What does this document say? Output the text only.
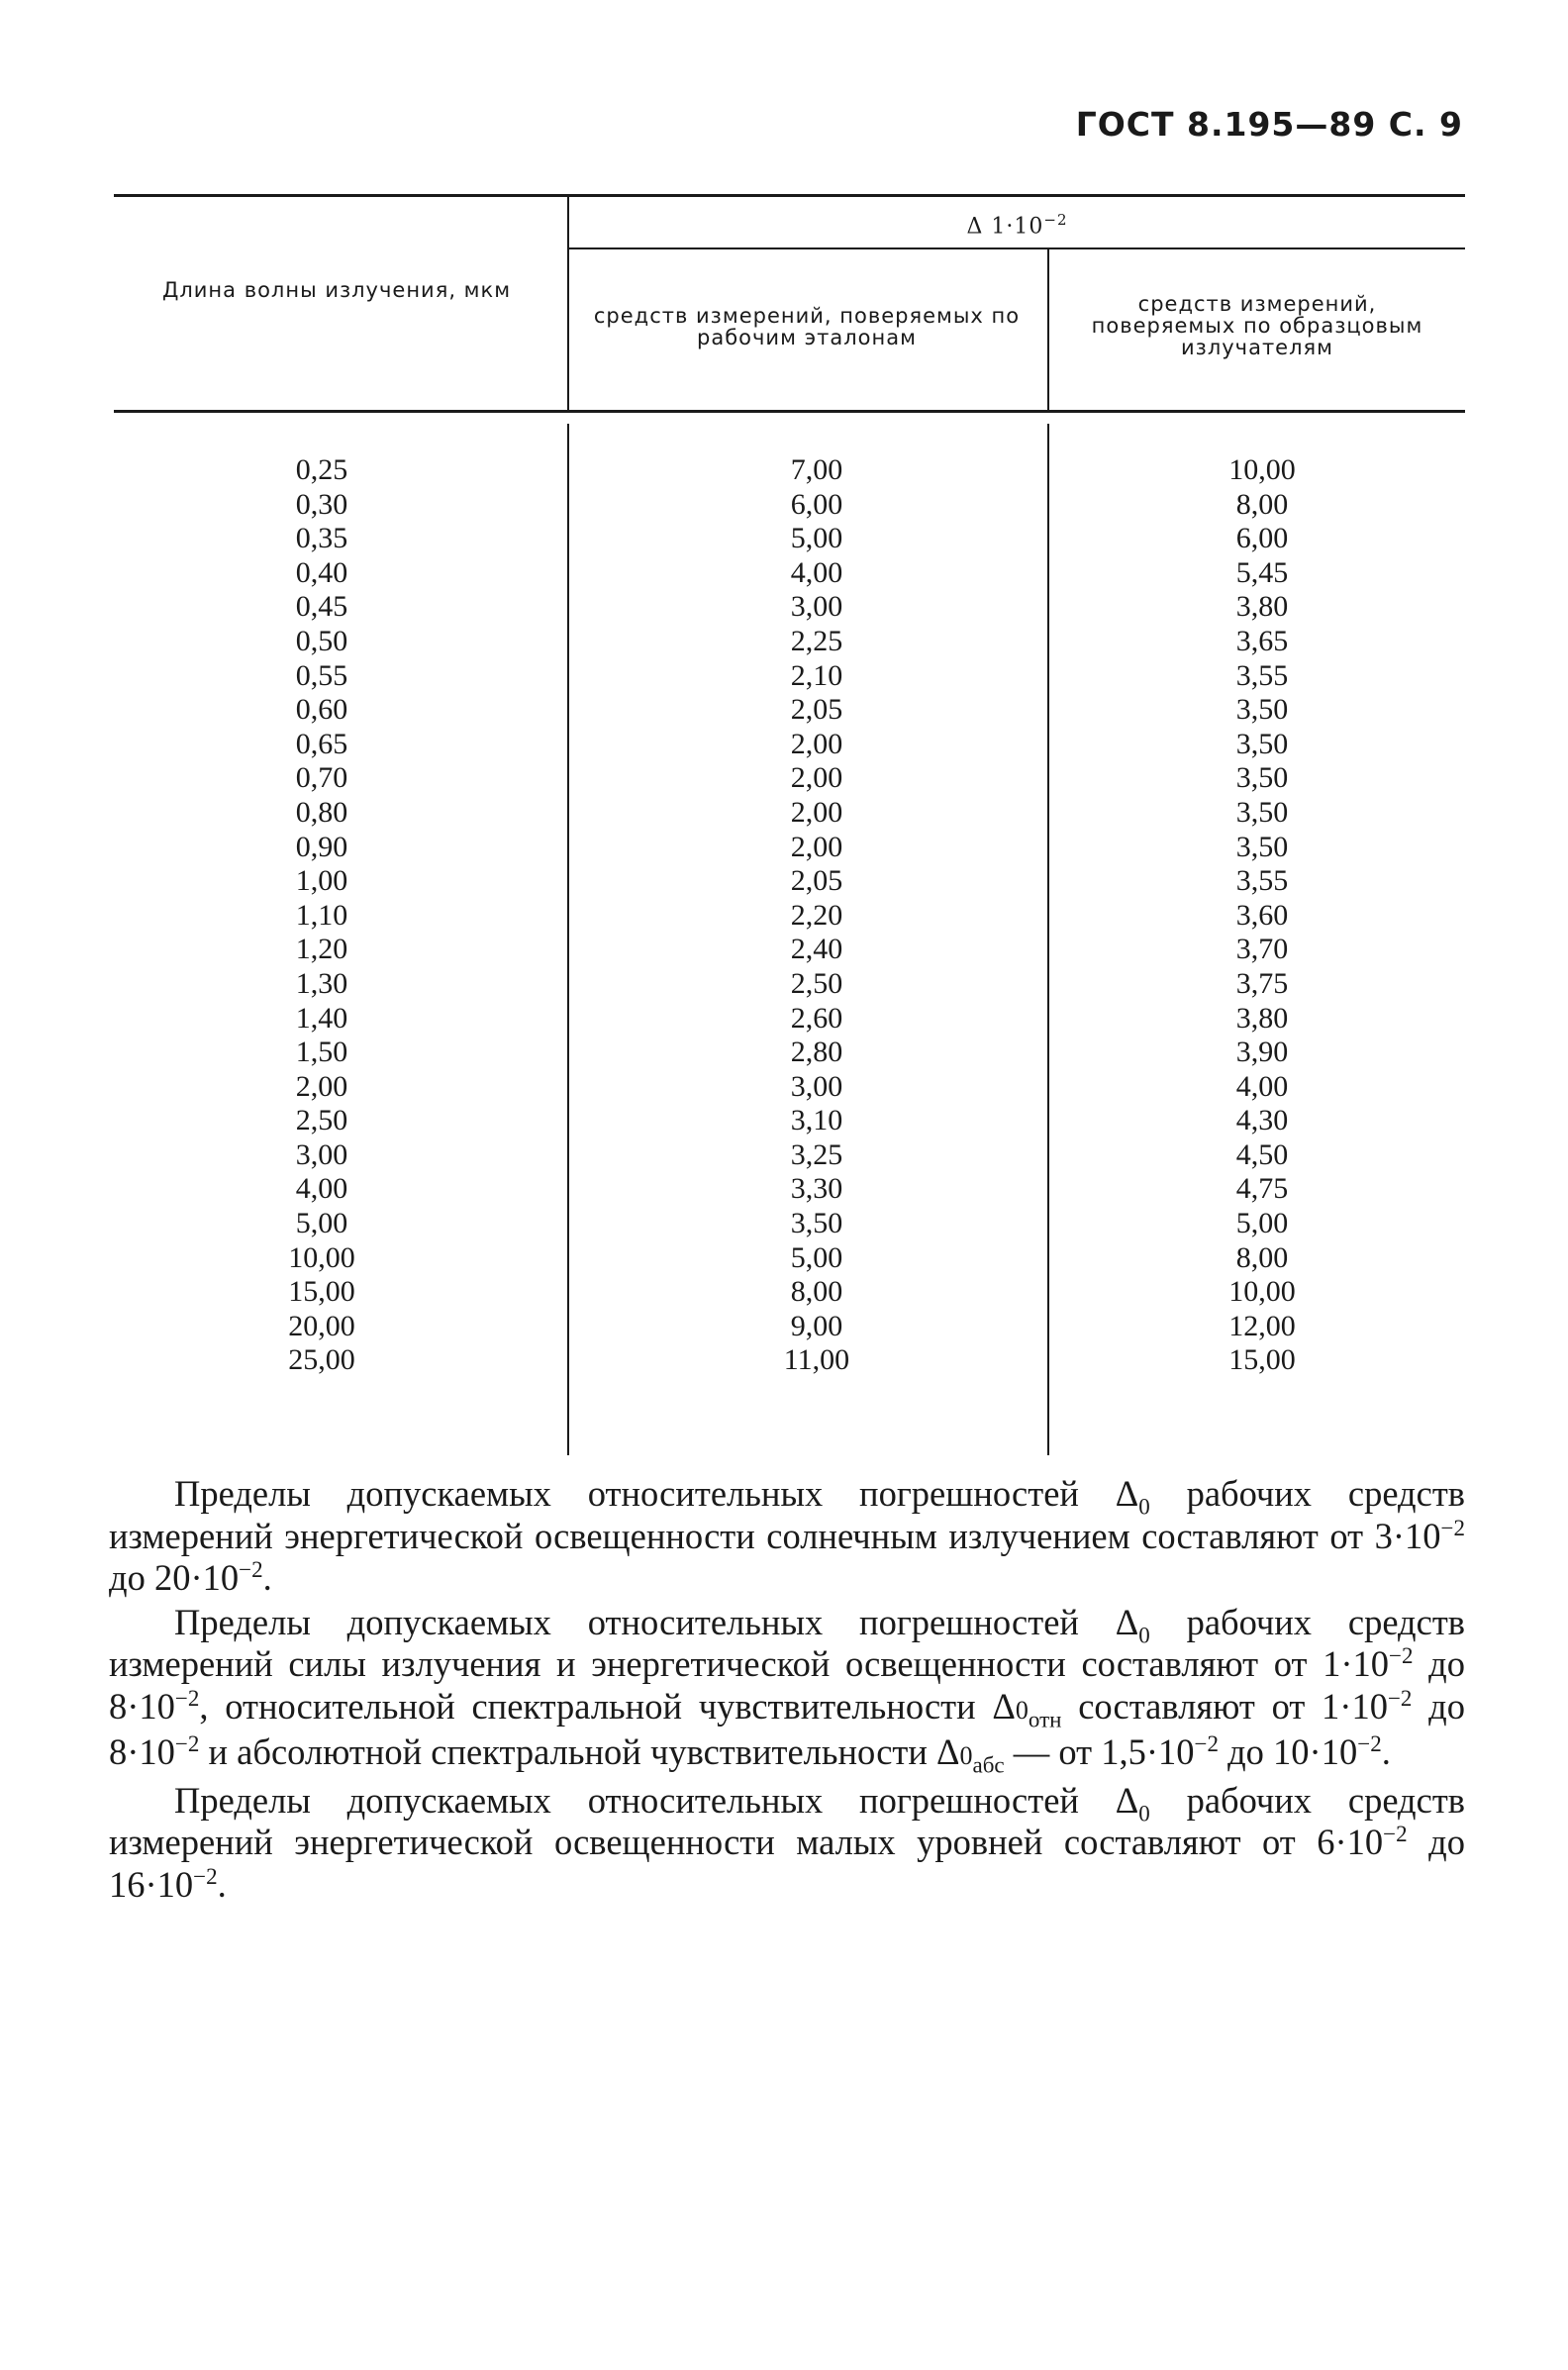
ГОСТ 8.195—89 С. 9
Длина волны излучения, мкм
Δ $1\cdot 10^{-2}$
средств измерений, поверяемых по рабочим эталонам
средств измерений, поверяемых по образцовым излучателям
0,25
0,30
0,35
0,40
0,45
0,50
0,55
0,60
0,65
0,70
0,80
0,90
1,00
1,10
1,20
1,30
1,40
1,50
2,00
2,50
3,00
4,00
5,00
10,00
15,00
20,00
25,00
7,00
6,00
5,00
4,00
3,00
2,25
2,10
2,05
2,00
2,00
2,00
2,00
2,05
2,20
2,40
2,50
2,60
2,80
3,00
3,10
3,25
3,30
3,50
5,00
8,00
9,00
11,00
10,00
8,00
6,00
5,45
3,80
3,65
3,55
3,50
3,50
3,50
3,50
3,50
3,55
3,60
3,70
3,75
3,80
3,90
4,00
4,30
4,50
4,75
5,00
8,00
10,00
12,00
15,00

Пределы допускаемых относительных погрешностей $\Delta_0$ рабочих средств измерений энергетической освещенности солнечным излучением составляют от $3\cdot 10^{-2}$ до $20\cdot 10^{-2}$.

Пределы допускаемых относительных погрешностей $\Delta_0$ рабочих средств измерений силы излучения и энергетической освещенности составляют от $1\cdot 10^{-2}$ до $8\cdot 10^{-2}$, относительной спектральной чувствительности $\Delta 0_{отн}$ составляют от $1\cdot 10^{-2}$ до $8\cdot 10^{-2}$ и абсолютной спектральной чувствительности $\Delta 0_{абс}$ — от $1,5\cdot 10^{-2}$ до $10\cdot 10^{-2}$.

Пределы допускаемых относительных погрешностей $\Delta_0$ рабочих средств измерений энергетической освещенности малых уровней составляют от $6\cdot 10^{-2}$ до $16\cdot 10^{-2}$.
